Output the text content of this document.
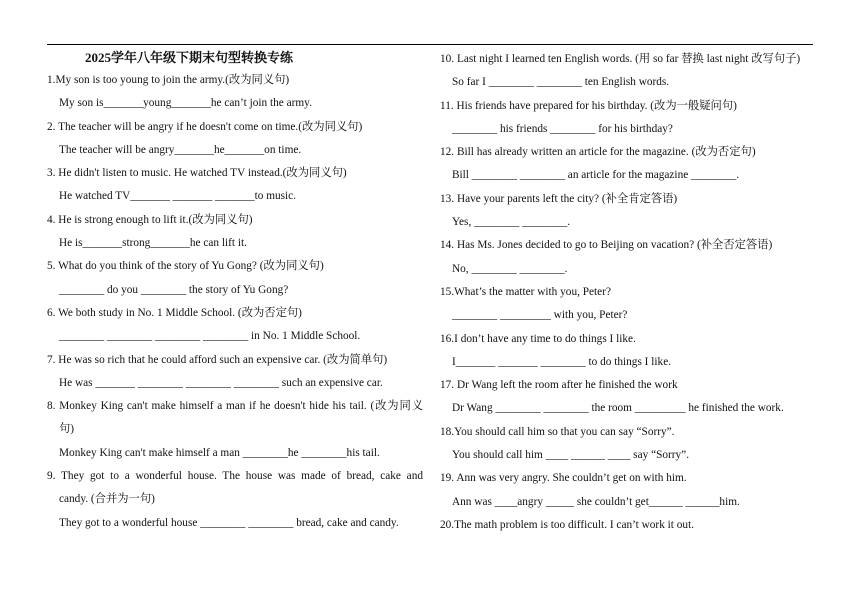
2025学年八年级下期末句型转换专练
1.My son is too young to join the army.(改为同义句)
My son is_______young_______he can’t join the army.
2. The teacher will be angry if he doesn't come on time.(改为同义句)
The teacher will be angry_______he_______on time.
3. He didn't listen to music. He watched TV instead.(改为同义句)
He watched TV_______ _______ _______to music.
4. He is strong enough to lift it.(改为同义句)
He is_______strong_______he can lift it.
5. What do you think of the story of Yu Gong? (改为同义句)
________ do you ________ the story of Yu Gong?
6. We both study in No. 1 Middle School. (改为否定句)
________ ________ ________ ________ in No. 1 Middle School.
7. He was so rich that he could afford such an expensive car. (改为简单句)
He was _______ ________ ________ ________ such an expensive car.
8. Monkey King can't make himself a man if he doesn't hide his tail. (改为同义
句)
Monkey King can't make himself a man ________he ________his tail.
9. They got to a wonderful house. The house was made of bread, cake and
candy. (合并为一句)
They got to a wonderful house ________ ________ bread, cake and candy.
10. Last night I learned ten English words. (用 so far 替换 last night 改写句子)
So far I ________ ________ ten English words.
11. His friends have prepared for his birthday. (改为一般疑问句)
________ his friends ________ for his birthday?
12. Bill has already written an article for the magazine. (改为否定句)
Bill ________ ________ an article for the magazine ________.
13. Have your parents left the city? (补全肯定答语)
Yes, ________ ________.
14. Has Ms. Jones decided to go to Beijing on vacation? (补全否定答语)
No, ________ ________.
15.What’s the matter with you, Peter?
________ _________ with you, Peter?
16.I don’t have any time to do things I like.
I_______ _______ ________ to do things I like.
17. Dr Wang left the room after he finished the work
Dr Wang ________ ________ the room _________ he finished the work.
18.You should call him so that you can say “Sorry”.
You should call him ____ ______ ____ say “Sorry”.
19. Ann was very angry. She couldn’t get on with him.
Ann was ____angry _____ she couldn’t get______ ______him.
20.The math problem is too difficult. I can’t work it out.
